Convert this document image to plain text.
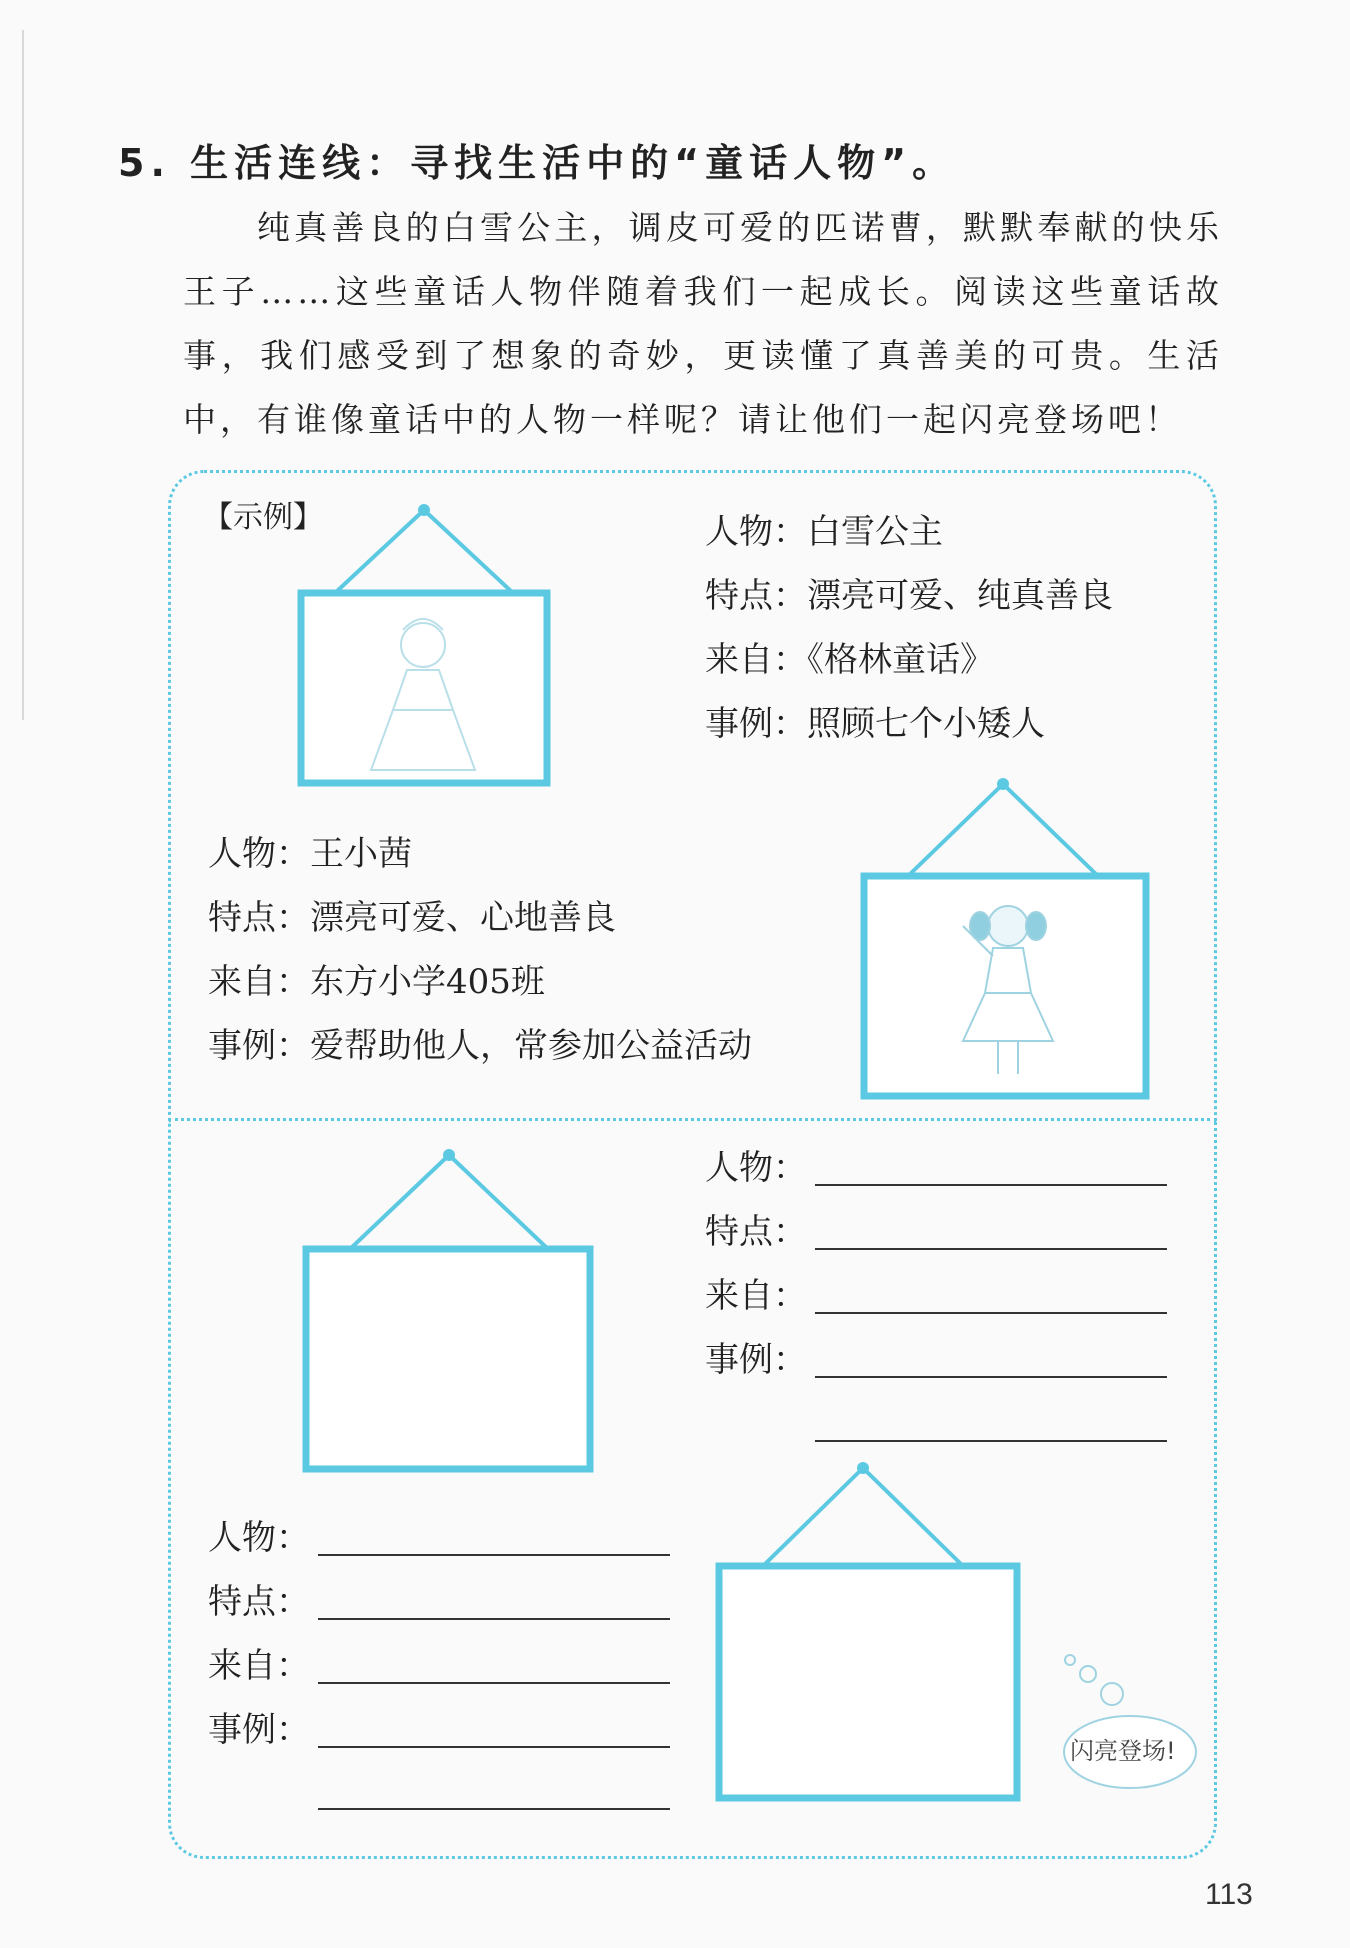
5. 生活连线：寻找生活中的“童话人物”。
纯真善良的白雪公主，调皮可爱的匹诺曹，默默奉献的快乐王子……这些童话人物伴随着我们一起成长。阅读这些童话故事，我们感受到了想象的奇妙，更读懂了真善美的可贵。生活中，有谁像童话中的人物一样呢？请让他们一起闪亮登场吧！
【示例】	人物：白雪公主
特点：漂亮可爱、纯真善良
来自：《格林童话》
事例：照顾七个小矮人
人物：王小茜
特点：漂亮可爱、心地善良
来自：东方小学405班
事例：爱帮助他人，常参加公益活动
人物：
特点：
来自：
事例：
人物：
特点：
来自：
事例：
闪亮登场!
113
